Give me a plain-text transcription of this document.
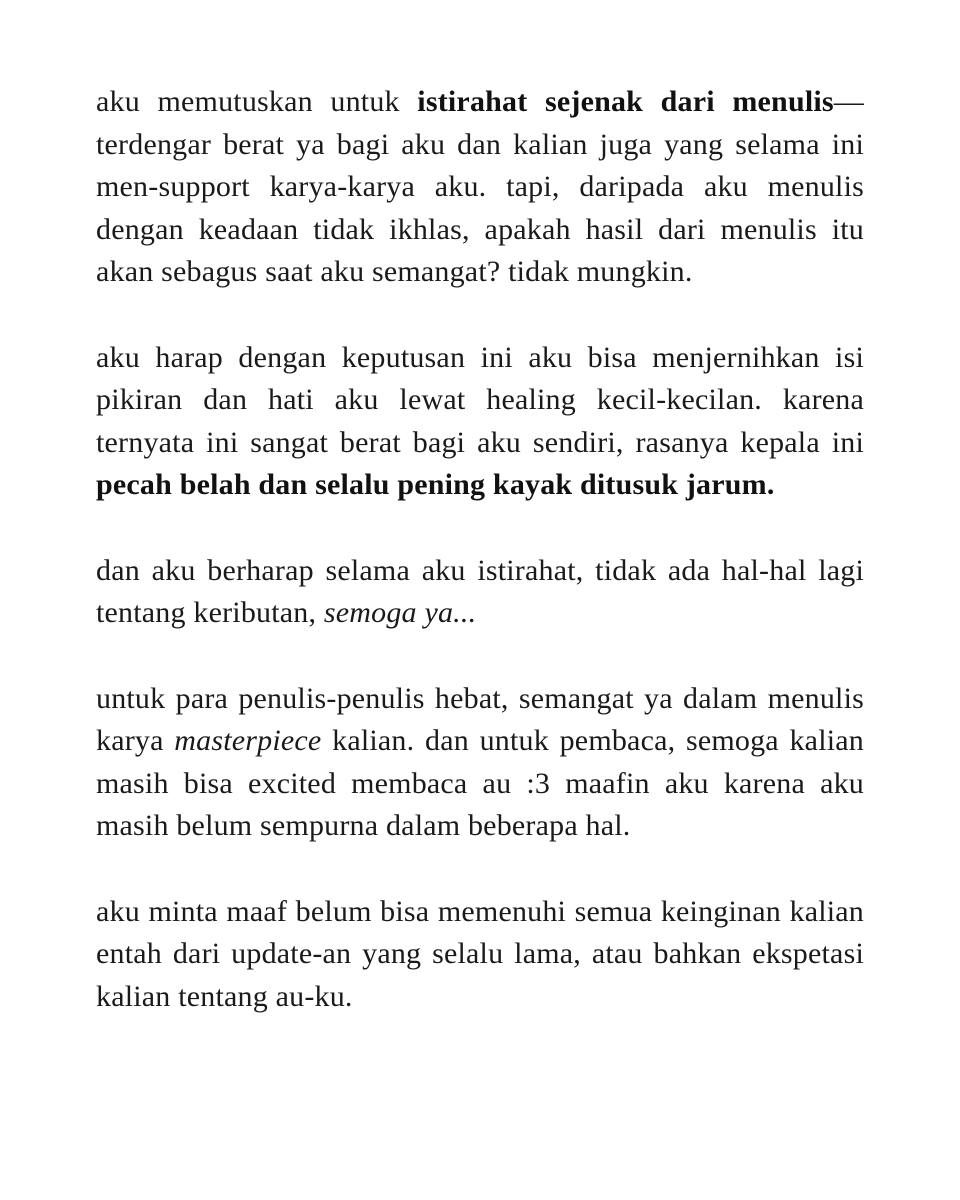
aku memutuskan untuk istirahat sejenak dari menulis— terdengar berat ya bagi aku dan kalian juga yang selama ini men-support karya-karya aku. tapi, daripada aku menulis dengan keadaan tidak ikhlas, apakah hasil dari menulis itu akan sebagus saat aku semangat? tidak mungkin.

aku harap dengan keputusan ini aku bisa menjernihkan isi pikiran dan hati aku lewat healing kecil-kecilan. karena ternyata ini sangat berat bagi aku sendiri, rasanya kepala ini pecah belah dan selalu pening kayak ditusuk jarum.

dan aku berharap selama aku istirahat, tidak ada hal-hal lagi tentang keributan, semoga ya...

untuk para penulis-penulis hebat, semangat ya dalam menulis karya masterpiece kalian. dan untuk pembaca, semoga kalian masih bisa excited membaca au :3 maafin aku karena aku masih belum sempurna dalam beberapa hal.

aku minta maaf belum bisa memenuhi semua keinginan kalian entah dari update-an yang selalu lama, atau bahkan ekspetasi kalian tentang au-ku.
